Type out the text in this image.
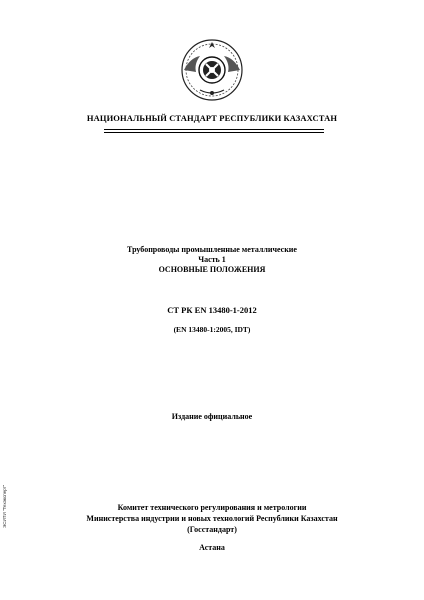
НАЦИОНАЛЬНЫЙ СТАНДАРТ РЕСПУБЛИКИ КАЗАХСТАН
Трубопроводы промышленные металлические
Часть 1
ОСНОВНЫЕ ПОЛОЖЕНИЯ
СТ РК EN 13480-1-2012
(EN 13480-1:2005, IDT)
Издание официальное
Комитет технического регулирования и метрологии
Министерства индустрии и новых технологий Республики Казахстан
(Госстандарт)
Астана
ЭСИТИ "Техэксперт"
